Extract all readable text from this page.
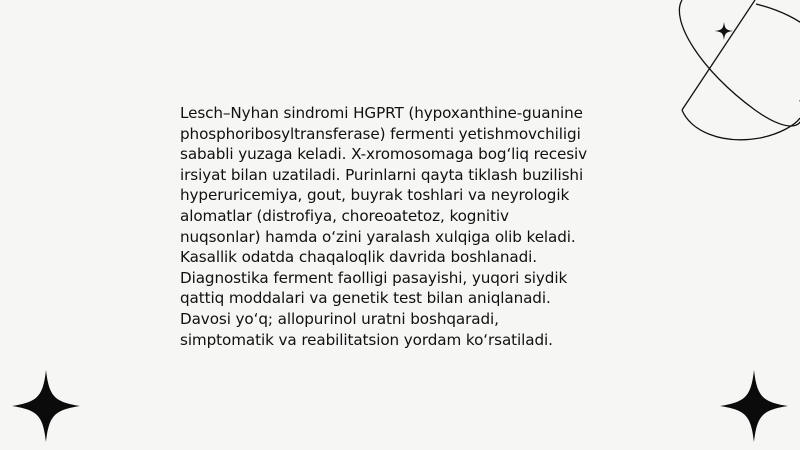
Lesch–Nyhan sindromi HGPRT (hypoxanthine-guanine
phosphoribosyltransferase) fermenti yetishmovchiligi
sababli yuzaga keladi. X-xromosomaga bog‘liq recesiv
irsiyat bilan uzatiladi. Purinlarni qayta tiklash buzilishi
hyperuricemiya, gout, buyrak toshlari va neyrologik
alomatlar (distrofiya, choreoatetoz, kognitiv
nuqsonlar) hamda o‘zini yaralash xulqiga olib keladi.
Kasallik odatda chaqaloqlik davrida boshlanadi.
Diagnostika ferment faolligi pasayishi, yuqori siydik
qattiq moddalari va genetik test bilan aniqlanadi.
Davosi yo‘q; allopurinol uratni boshqaradi,
simptomatik va reabilitatsion yordam ko‘rsatiladi.
